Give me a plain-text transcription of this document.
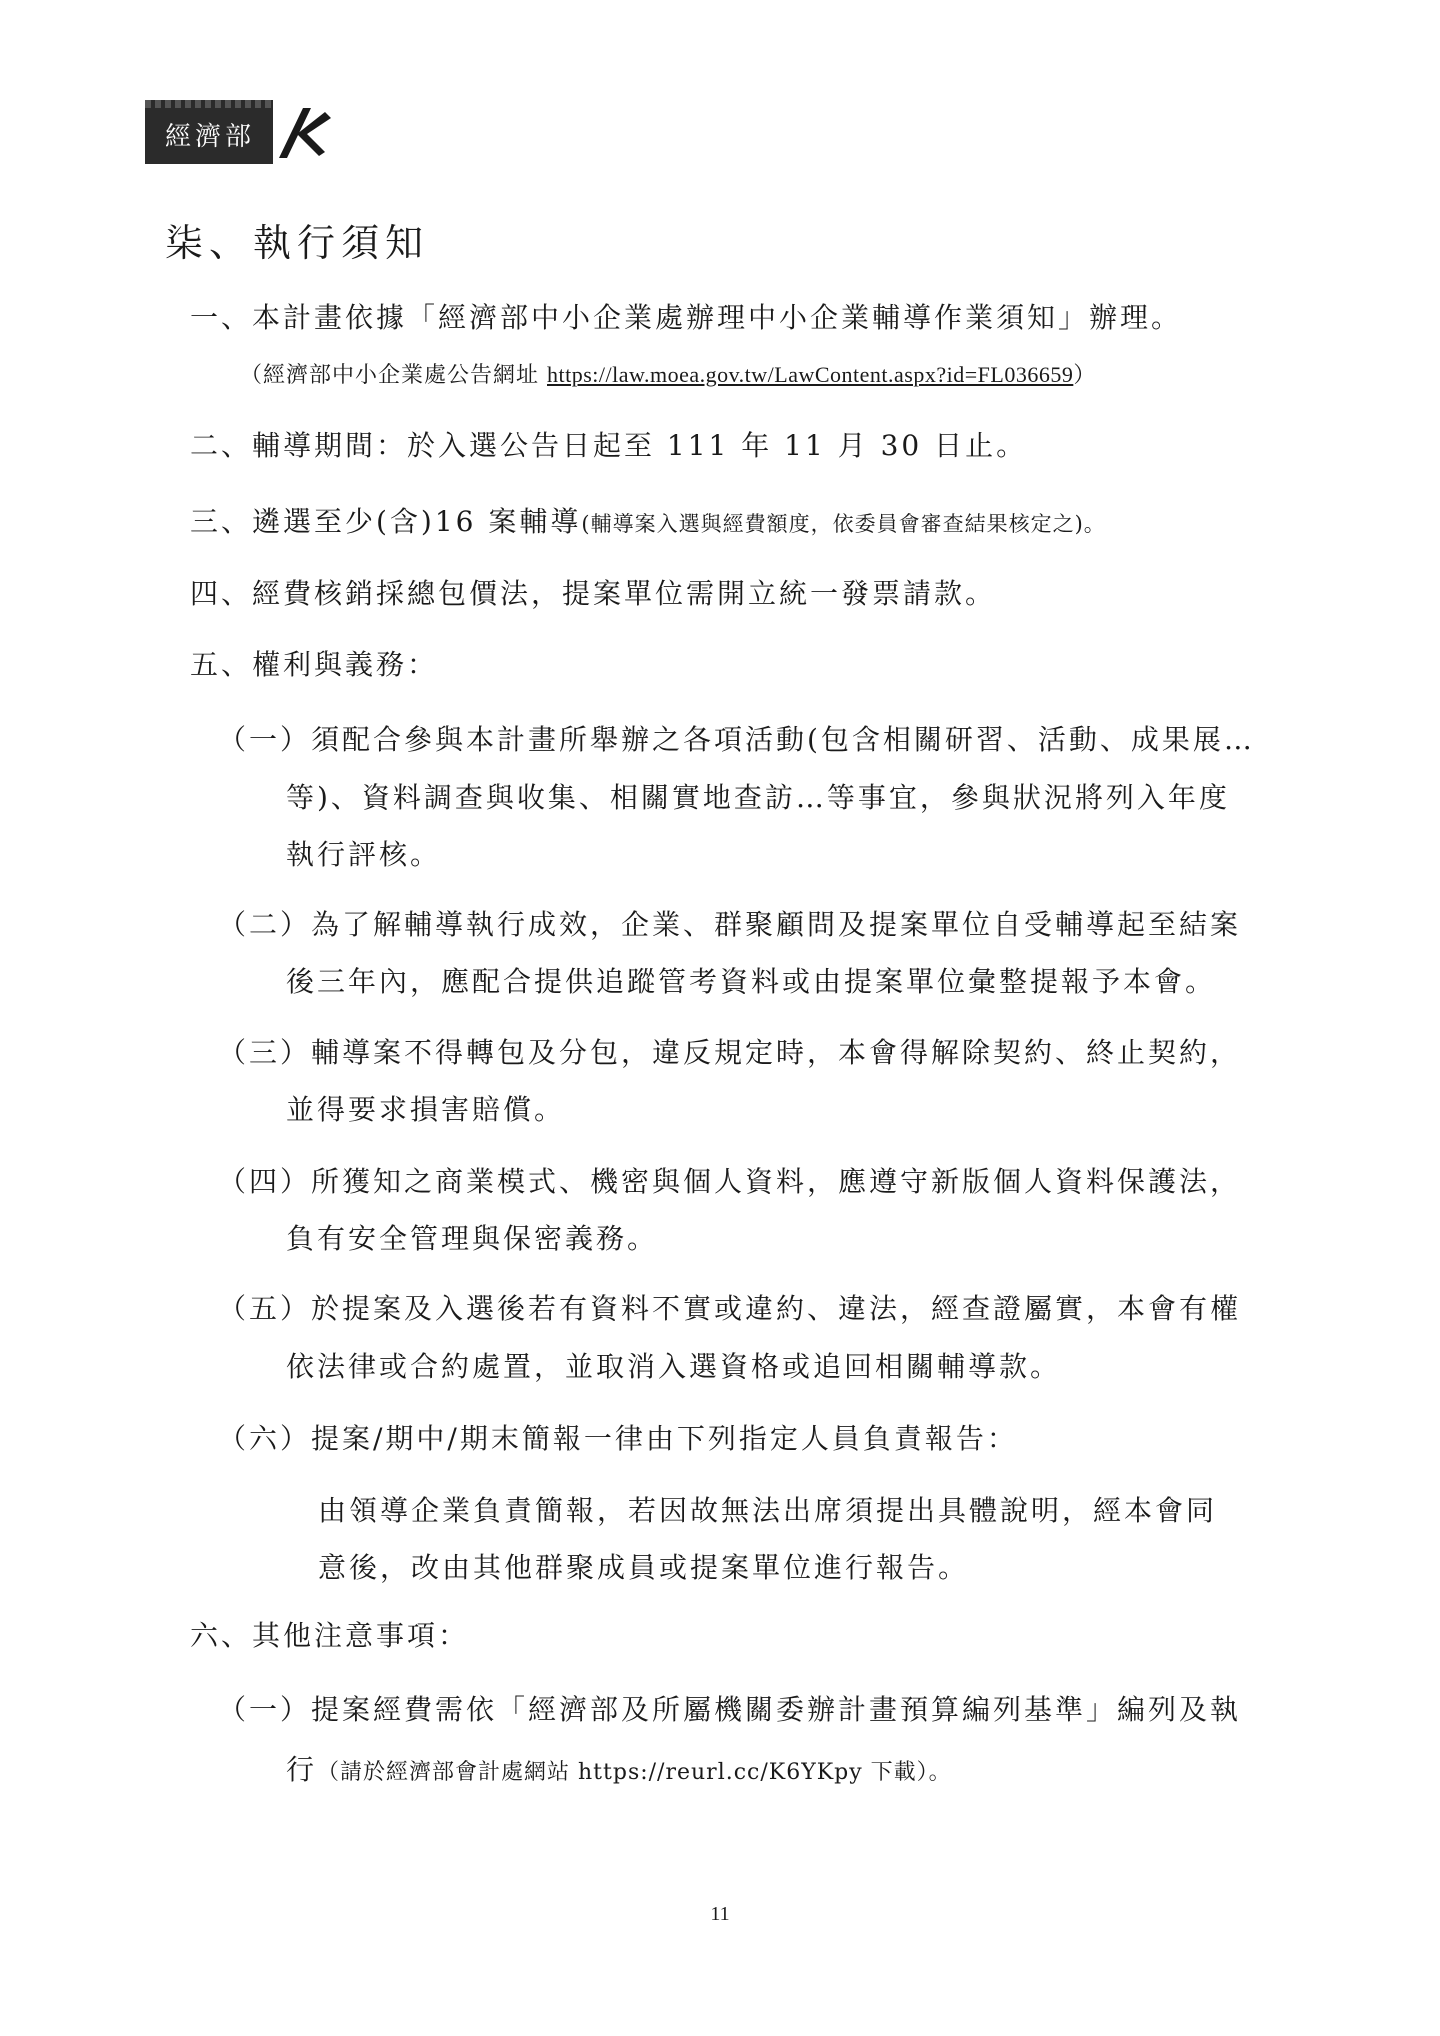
經濟部
柒、執行須知
一、本計畫依據「經濟部中小企業處辦理中小企業輔導作業須知」辦理。
（經濟部中小企業處公告網址 https://law.moea.gov.tw/LawContent.aspx?id=FL036659）
二、輔導期間：於入選公告日起至 111 年 11 月 30 日止。
三、遴選至少(含)16 案輔導(輔導案入選與經費額度，依委員會審查結果核定之)。
四、經費核銷採總包價法，提案單位需開立統一發票請款。
五、權利與義務：
（一）須配合參與本計畫所舉辦之各項活動(包含相關研習、活動、成果展…
等)、資料調查與收集、相關實地查訪…等事宜，參與狀況將列入年度
執行評核。
（二）為了解輔導執行成效，企業、群聚顧問及提案單位自受輔導起至結案
後三年內，應配合提供追蹤管考資料或由提案單位彙整提報予本會。
（三）輔導案不得轉包及分包，違反規定時，本會得解除契約、終止契約，
並得要求損害賠償。
（四）所獲知之商業模式、機密與個人資料，應遵守新版個人資料保護法，
負有安全管理與保密義務。
（五）於提案及入選後若有資料不實或違約、違法，經查證屬實，本會有權
依法律或合約處置，並取消入選資格或追回相關輔導款。
（六）提案/期中/期末簡報一律由下列指定人員負責報告：
由領導企業負責簡報，若因故無法出席須提出具體說明，經本會同
意後，改由其他群聚成員或提案單位進行報告。
六、其他注意事項：
（一）提案經費需依「經濟部及所屬機關委辦計畫預算編列基準」編列及執
行（請於經濟部會計處網站 https://reurl.cc/K6YKpy 下載）。
11
